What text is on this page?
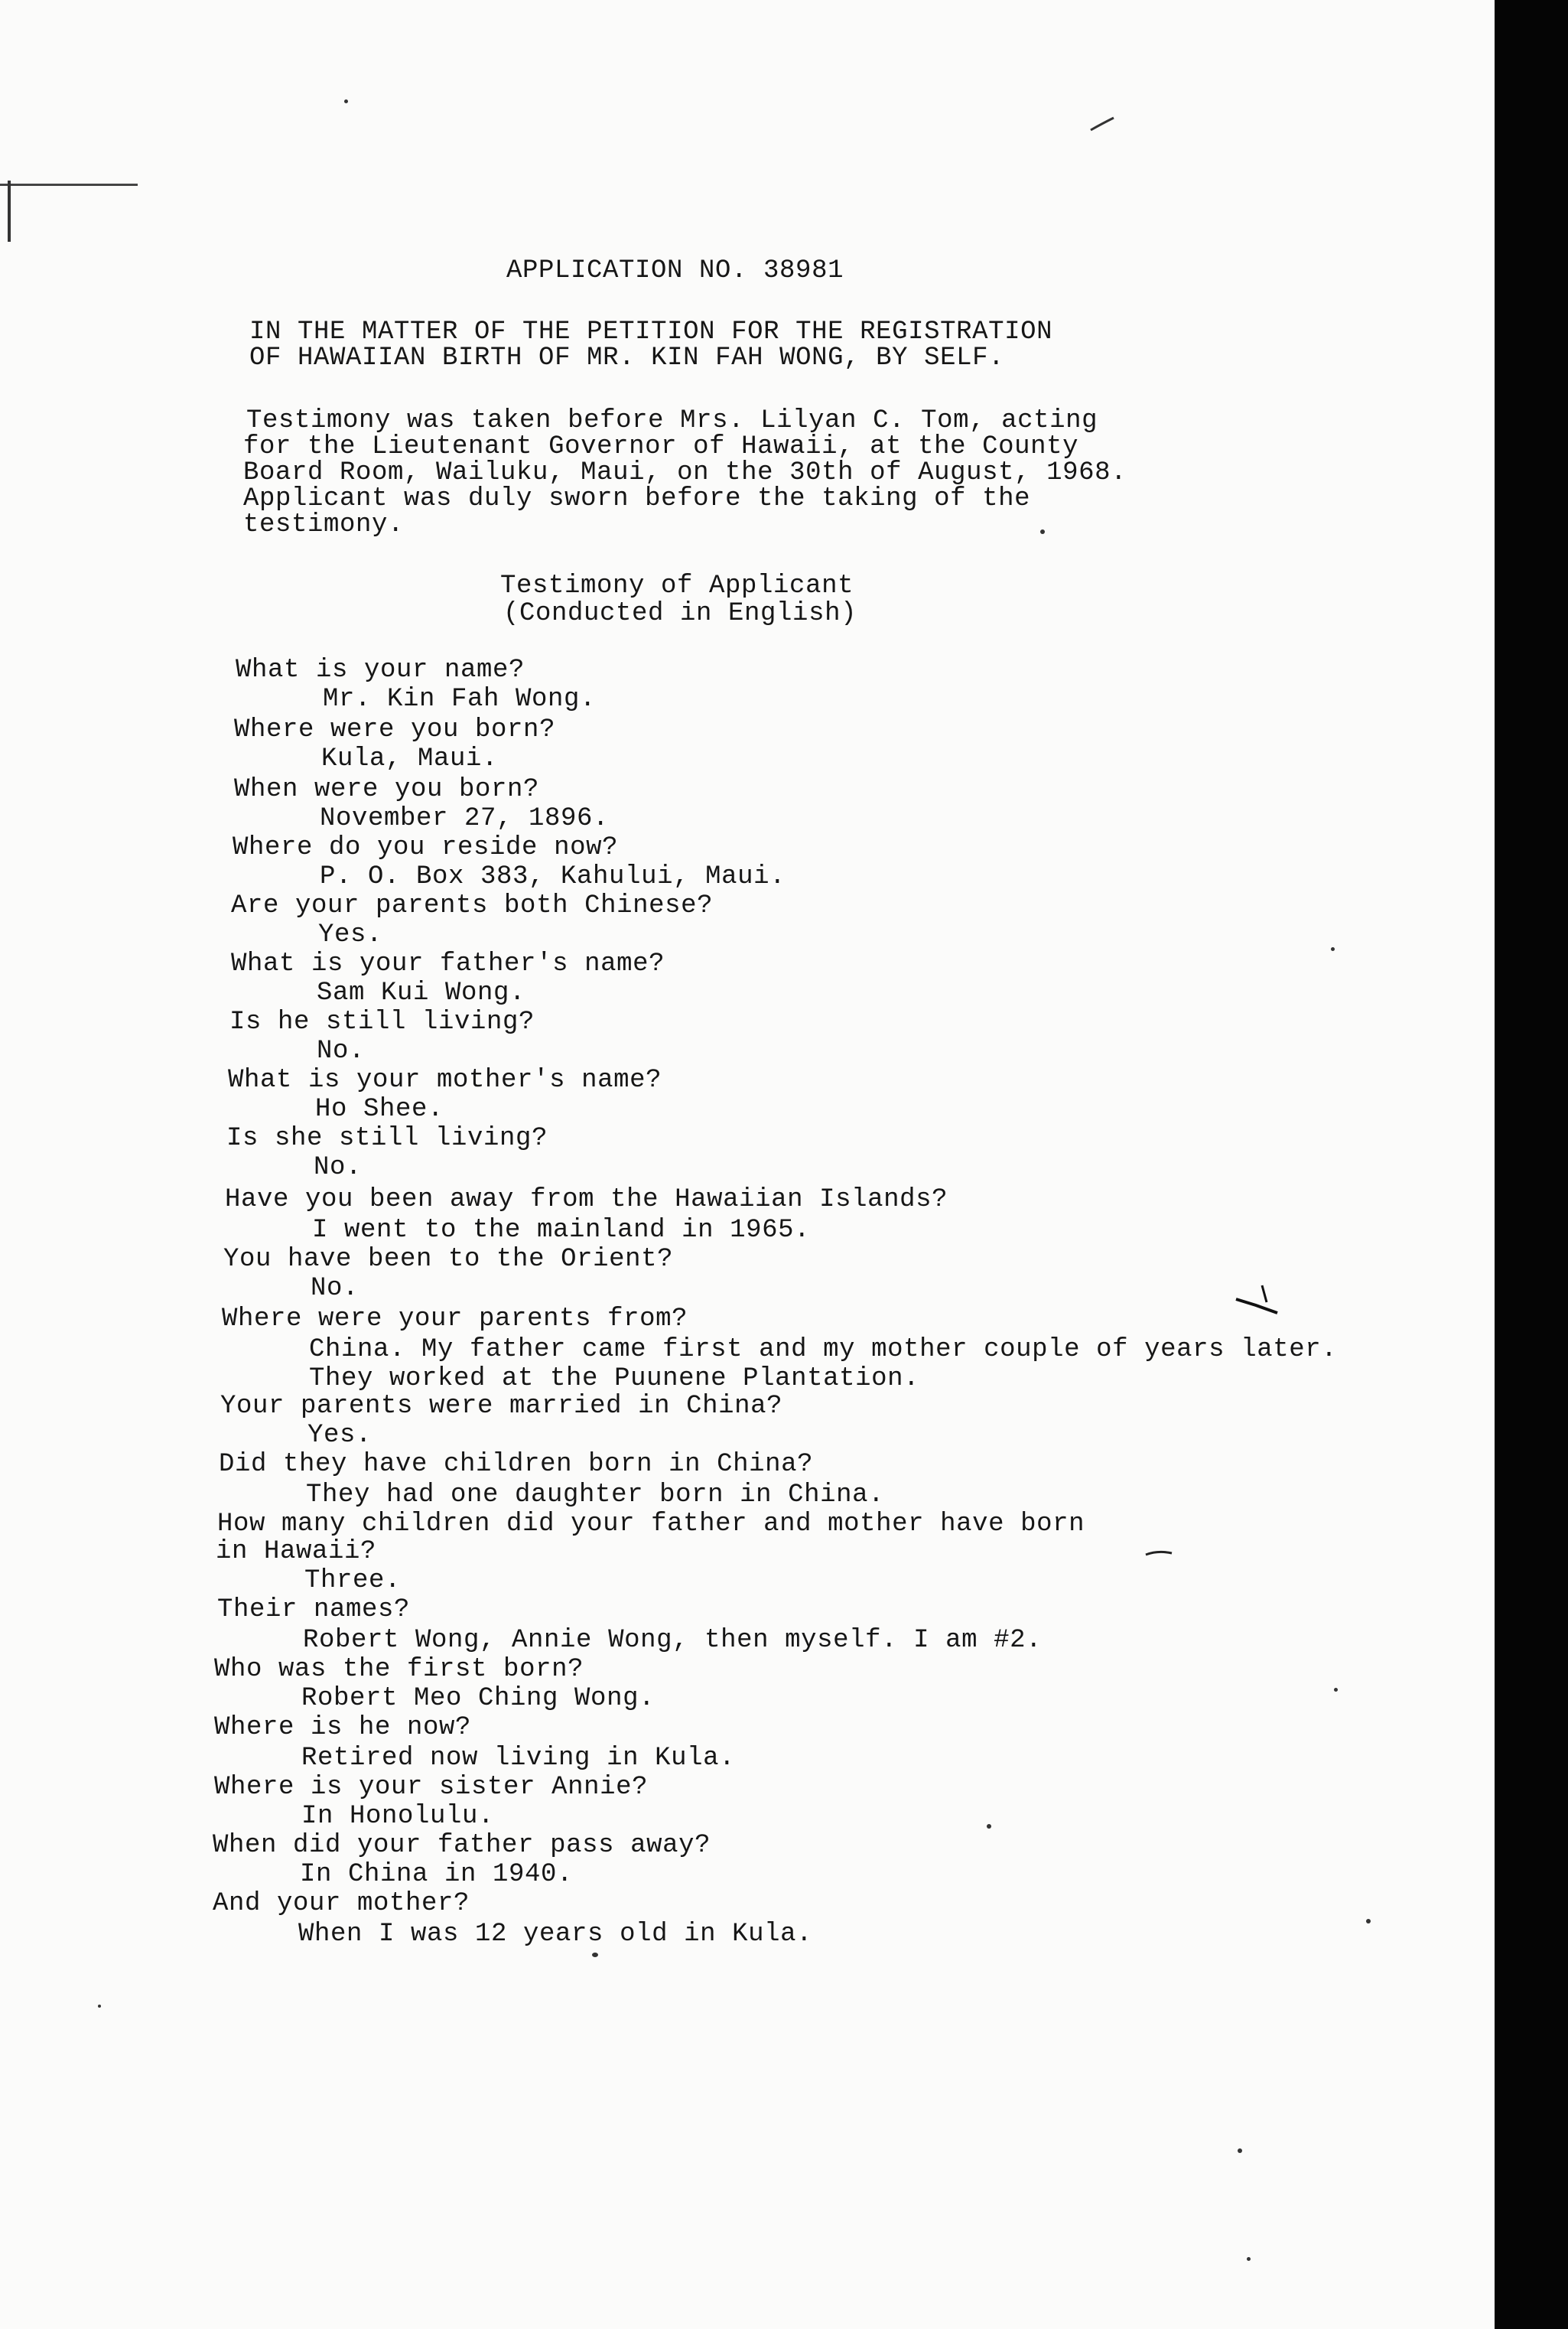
APPLICATION NO. 38981
IN THE MATTER OF THE PETITION FOR THE REGISTRATION
OF HAWAIIAN BIRTH OF MR. KIN FAH WONG, BY SELF.
Testimony was taken before Mrs. Lilyan C. Tom, acting
for the Lieutenant Governor of Hawaii, at the County
Board Room, Wailuku, Maui, on the 30th of August, 1968.
Applicant was duly sworn before the taking of the
testimony.
Testimony of Applicant
(Conducted in English)
What is your name?
Mr. Kin Fah Wong.
Where were you born?
Kula, Maui.
When were you born?
November 27, 1896.
Where do you reside now?
P. O. Box 383, Kahului, Maui.
Are your parents both Chinese?
Yes.
What is your father's name?
Sam Kui Wong.
Is he still living?
No.
What is your mother's name?
Ho Shee.
Is she still living?
No.
Have you been away from the Hawaiian Islands?
I went to the mainland in 1965.
You have been to the Orient?
No.
Where were your parents from?
China. My father came first and my mother couple of years later.
They worked at the Puunene Plantation.
Your parents were married in China?
Yes.
Did they have children born in China?
They had one daughter born in China.
How many children did your father and mother have born
in Hawaii?
Three.
Their names?
Robert Wong, Annie Wong, then myself. I am #2.
Who was the first born?
Robert Meo Ching Wong.
Where is he now?
Retired now living in Kula.
Where is your sister Annie?
In Honolulu.
When did your father pass away?
In China in 1940.
And your mother?
When I was 12 years old in Kula.
